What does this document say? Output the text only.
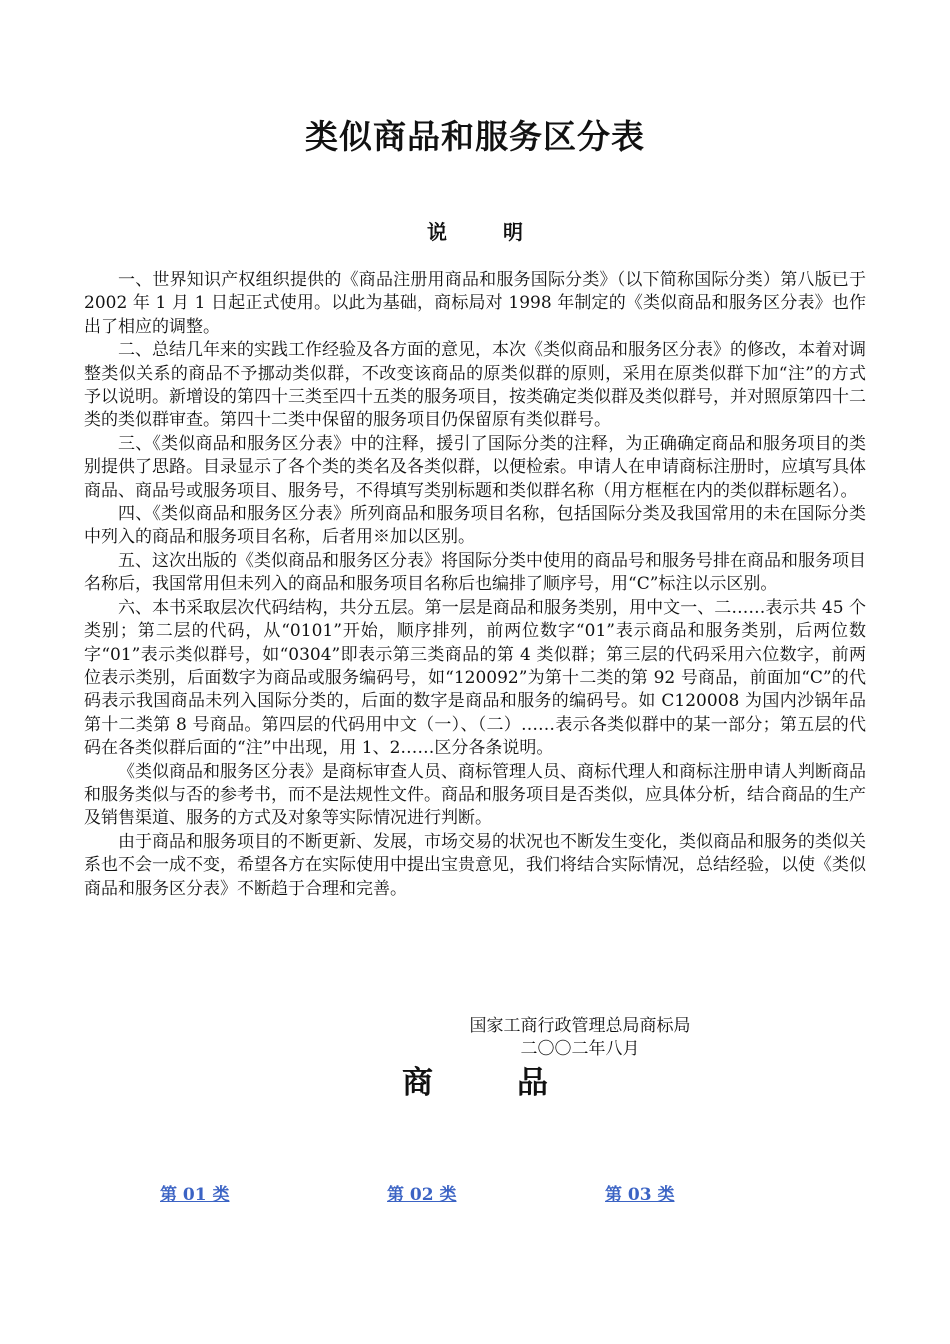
类似商品和服务区分表
说	明

一、世界知识产权组织提供的《商品注册用商品和服务国际分类》（以下简称国际分类）第八版已于 2002 年 1 月 1 日起正式使用。以此为基础，商标局对 1998 年制定的《类似商品和服务区分表》也作出了相应的调整。

二、总结几年来的实践工作经验及各方面的意见，本次《类似商品和服务区分表》的修改，本着对调整类似关系的商品不予挪动类似群，不改变该商品的原类似群的原则，采用在原类似群下加“注”的方式予以说明。新增设的第四十三类至四十五类的服务项目，按类确定类似群及类似群号，并对照原第四十二类的类似群审查。第四十二类中保留的服务项目仍保留原有类似群号。

三、《类似商品和服务区分表》中的注释，援引了国际分类的注释，为正确确定商品和服务项目的类别提供了思路。目录显示了各个类的类名及各类似群，以便检索。申请人在申请商标注册时，应填写具体商品、商品号或服务项目、服务号，不得填写类别标题和类似群名称（用方框框在内的类似群标题名）。

四、《类似商品和服务区分表》所列商品和服务项目名称，包括国际分类及我国常用的未在国际分类中列入的商品和服务项目名称，后者用※加以区别。

五、这次出版的《类似商品和服务区分表》将国际分类中使用的商品号和服务号排在商品和服务项目名称后，我国常用但未列入的商品和服务项目名称后也编排了顺序号，用“C”标注以示区别。

六、本书采取层次代码结构，共分五层。第一层是商品和服务类别，用中文一、二……表示共 45 个类别；第二层的代码，从“0101”开始，顺序排列，前两位数字“01”表示商品和服务类别，后两位数字“01”表示类似群号，如“0304”即表示第三类商品的第 4 类似群；第三层的代码采用六位数字，前两位表示类别，后面数字为商品或服务编码号，如“120092”为第十二类的第 92 号商品，前面加“C”的代码表示我国商品未列入国际分类的，后面的数字是商品和服务的编码号。如 C120008 为国内沙锅年品第十二类第 8 号商品。第四层的代码用中文（一）、（二）……表示各类似群中的某一部分；第五层的代码在各类似群后面的“注”中出现，用 1、2……区分各条说明。

《类似商品和服务区分表》是商标审查人员、商标管理人员、商标代理人和商标注册申请人判断商品和服务类似与否的参考书，而不是法规性文件。商品和服务项目是否类似，应具体分析，结合商品的生产及销售渠道、服务的方式及对象等实际情况进行判断。

由于商品和服务项目的不断更新、发展，市场交易的状况也不断发生变化，类似商品和服务的类似关系也不会一成不变，希望各方在实际使用中提出宝贵意见，我们将结合实际情况，总结经验，以使《类似商品和服务区分表》不断趋于合理和完善。

国家工商行政管理总局商标局
二〇〇二年八月
商	品
第 01 类	第 02 类	第 03 类
